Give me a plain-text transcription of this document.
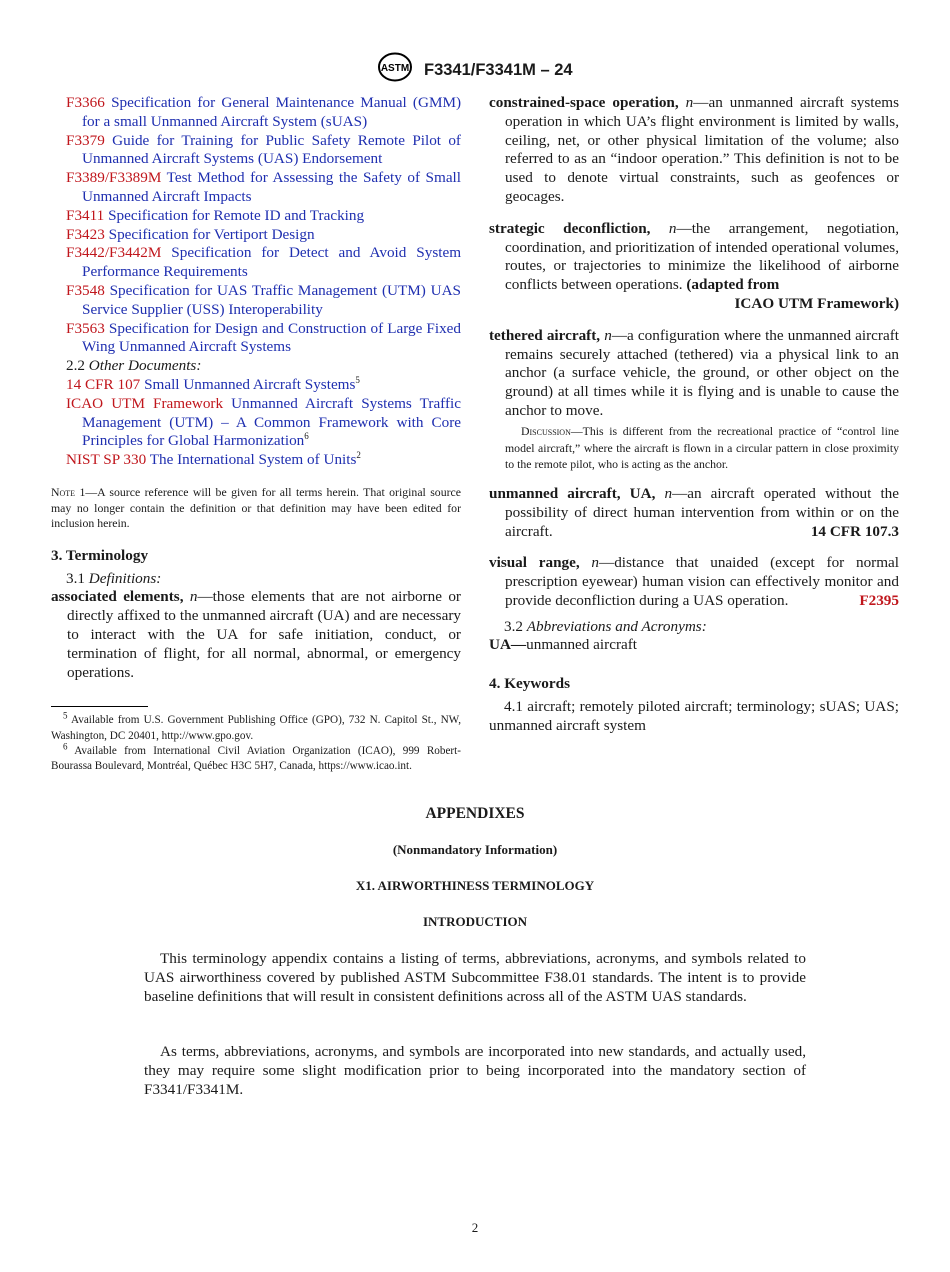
ASTM F3341/F3341M – 24
F3366 Specification for General Maintenance Manual (GMM) for a small Unmanned Aircraft System (sUAS)
F3379 Guide for Training for Public Safety Remote Pilot of Unmanned Aircraft Systems (UAS) Endorsement
F3389/F3389M Test Method for Assessing the Safety of Small Unmanned Aircraft Impacts
F3411 Specification for Remote ID and Tracking
F3423 Specification for Vertiport Design
F3442/F3442M Specification for Detect and Avoid System Performance Requirements
F3548 Specification for UAS Traffic Management (UTM) UAS Service Supplier (USS) Interoperability
F3563 Specification for Design and Construction of Large Fixed Wing Unmanned Aircraft Systems
2.2 Other Documents:
14 CFR 107 Small Unmanned Aircraft Systems$^5$
ICAO UTM Framework Unmanned Aircraft Systems Traffic Management (UTM) – A Common Framework with Core Principles for Global Harmonization$^6$
NIST SP 330 The International System of Units$^2$
Note 1—A source reference will be given for all terms herein. That original source may no longer contain the definition or that definition may have been edited for inclusion herein.
3. Terminology
3.1 Definitions:
associated elements, n—those elements that are not airborne or directly affixed to the unmanned aircraft (UA) and are necessary to interact with the UA for safe initiation, conduct, or termination of flight, for all normal, abnormal, or emergency operations.
$^5$ Available from U.S. Government Publishing Office (GPO), 732 N. Capitol St., NW, Washington, DC 20401, http://www.gpo.gov.
$^6$ Available from International Civil Aviation Organization (ICAO), 999 Robert-Bourassa Boulevard, Montréal, Québec H3C 5H7, Canada, https://www.icao.int.
constrained-space operation, n—an unmanned aircraft systems operation in which UA’s flight environment is limited by walls, ceiling, net, or other physical limitation of the volume; also referred to as an “indoor operation.” This definition is not to be used to denote virtual constraints, such as geofences or geocages.
strategic deconfliction, n—the arrangement, negotiation, coordination, and prioritization of intended operational volumes, routes, or trajectories to minimize the likelihood of airborne conflicts between operations. (adapted from
ICAO UTM Framework)
tethered aircraft, n—a configuration where the unmanned aircraft remains securely attached (tethered) via a physical link to an anchor (a surface vehicle, the ground, or other object on the ground) at all times while it is flying and is unable to cause the anchor to move.
Discussion—This is different from the recreational practice of “control line model aircraft,” where the aircraft is flown in a circular pattern in close proximity to the remote pilot, who is acting as the anchor.
unmanned aircraft, UA, n—an aircraft operated without the possibility of direct human intervention from within or on the aircraft.	14 CFR 107.3
visual range, n—distance that unaided (except for normal prescription eyewear) human vision can effectively monitor and provide deconfliction during a UAS operation.	F2395
3.2 Abbreviations and Acronyms:
UA—unmanned aircraft
4. Keywords
4.1 aircraft; remotely piloted aircraft; terminology; sUAS; UAS; unmanned aircraft system
APPENDIXES
(Nonmandatory Information)
X1. AIRWORTHINESS TERMINOLOGY
INTRODUCTION
This terminology appendix contains a listing of terms, abbreviations, acronyms, and symbols related to UAS airworthiness covered by published ASTM Subcommittee F38.01 standards. The intent is to provide baseline definitions that will result in consistent definitions across all of the ASTM UAS standards.
As terms, abbreviations, acronyms, and symbols are incorporated into new standards, and actually used, they may require some slight modification prior to being incorporated into the mandatory section of F3341/F3341M.
2
